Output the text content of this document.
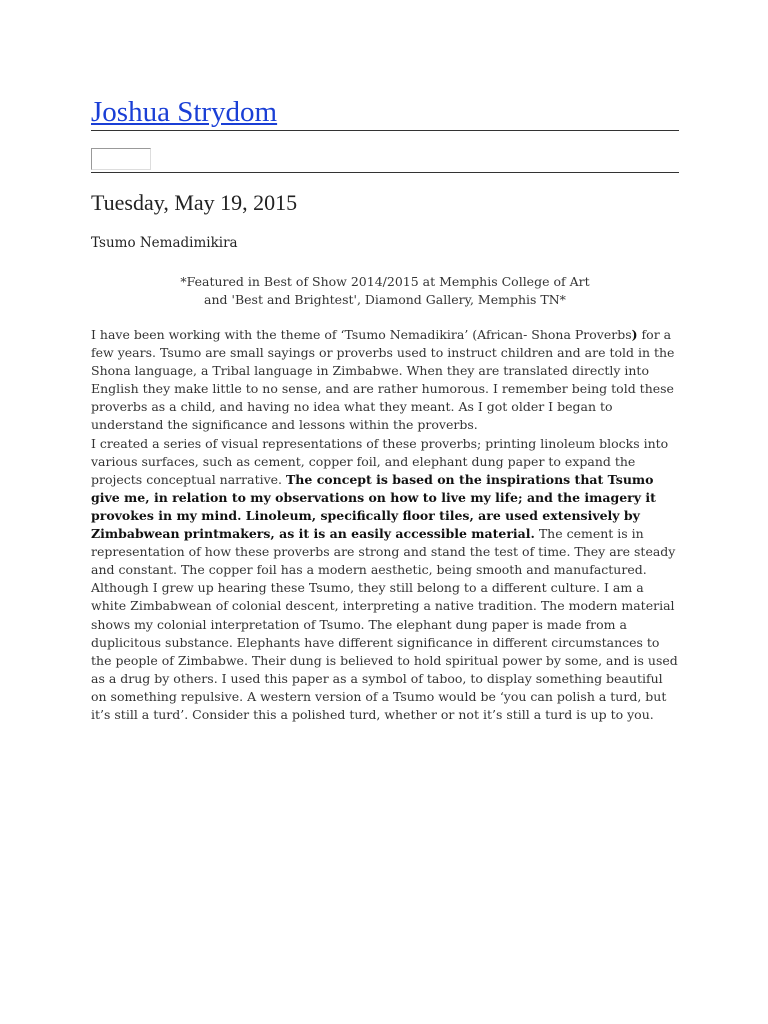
Joshua Strydom
Tuesday, May 19, 2015
Tsumo Nemadimikira
*Featured in Best of Show 2014/2015 at Memphis College of Art
and 'Best and Brightest', Diamond Gallery, Memphis TN*

I have been working with the theme of ‘Tsumo Nemadikira’ (African- Shona Proverbs) for a few years. Tsumo are small sayings or proverbs used to instruct children and are told in the Shona language, a Tribal language in Zimbabwe. When they are translated directly into English they make little to no sense, and are rather humorous. I remember being told these proverbs as a child, and having no idea what they meant. As I got older I began to understand the significance and lessons within the proverbs.

I created a series of visual representations of these proverbs; printing linoleum blocks into various surfaces, such as cement, copper foil, and elephant dung paper to expand the projects conceptual narrative. The concept is based on the inspirations that Tsumo give me, in relation to my observations on how to live my life; and the imagery it provokes in my mind. Linoleum, specifically floor tiles, are used extensively by Zimbabwean printmakers, as it is an easily accessible material. The cement is in representation of how these proverbs are strong and stand the test of time. They are steady and constant. The copper foil has a modern aesthetic, being smooth and manufactured. Although I grew up hearing these Tsumo, they still belong to a different culture. I am a white Zimbabwean of colonial descent, interpreting a native tradition. The modern material shows my colonial interpretation of Tsumo. The elephant dung paper is made from a duplicitous substance. Elephants have different significance in different circumstances to the people of Zimbabwe. Their dung is believed to hold spiritual power by some, and is used as a drug by others. I used this paper as a symbol of taboo, to display something beautiful on something repulsive. A western version of a Tsumo would be ‘you can polish a turd, but it’s still a turd’. Consider this a polished turd, whether or not it’s still a turd is up to you.
